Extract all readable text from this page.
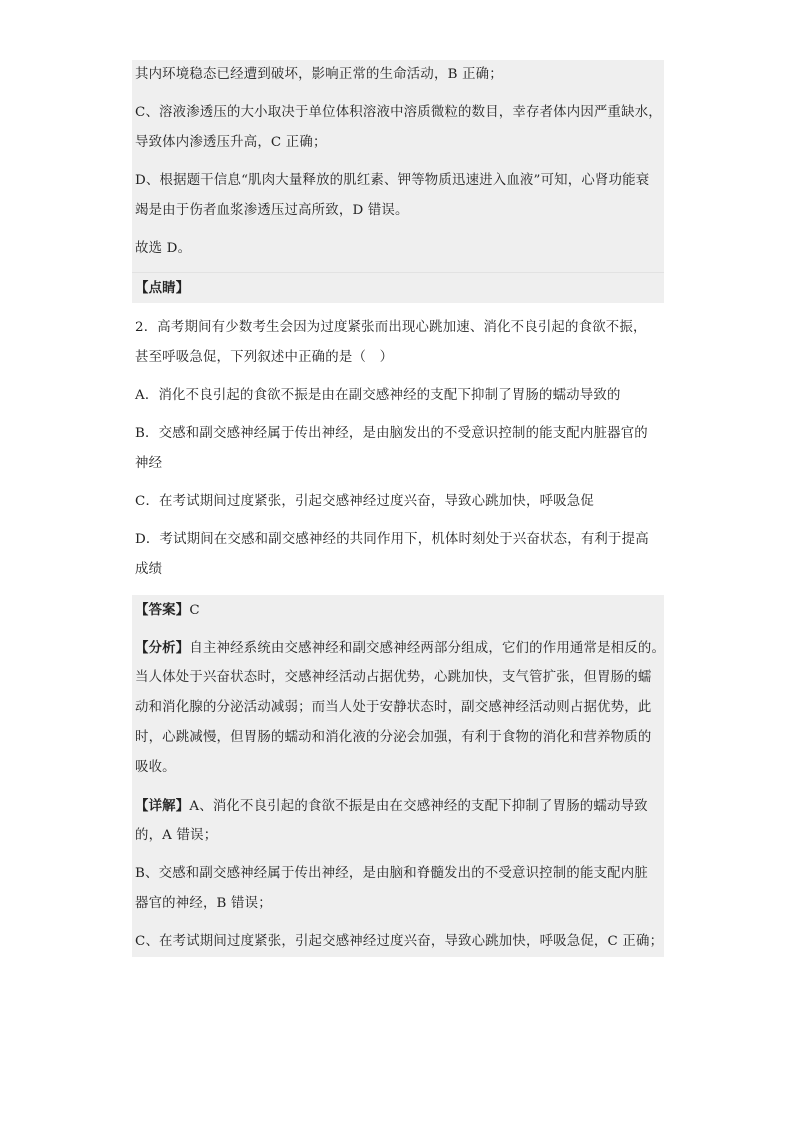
其内环境稳态已经遭到破坏，影响正常的生命活动，B 正确；
C、溶液渗透压的大小取决于单位体积溶液中溶质微粒的数目，幸存者体内因严重缺水，
导致体内渗透压升高，C 正确；
D、根据题干信息“肌肉大量释放的肌红素、钾等物质迅速进入血液”可知，心肾功能衰
竭是由于伤者血浆渗透压过高所致，D 错误。
故选 D。
【点睛】
2．高考期间有少数考生会因为过度紧张而出现心跳加速、消化不良引起的食欲不振，
甚至呼吸急促，下列叙述中正确的是（　）
A．消化不良引起的食欲不振是由在副交感神经的支配下抑制了胃肠的蠕动导致的
B．交感和副交感神经属于传出神经，是由脑发出的不受意识控制的能支配内脏器官的
神经
C．在考试期间过度紧张，引起交感神经过度兴奋，导致心跳加快，呼吸急促
D．考试期间在交感和副交感神经的共同作用下，机体时刻处于兴奋状态，有利于提高
成绩
【答案】C
【分析】自主神经系统由交感神经和副交感神经两部分组成，它们的作用通常是相反的。
当人体处于兴奋状态时，交感神经活动占据优势，心跳加快，支气管扩张，但胃肠的蠕
动和消化腺的分泌活动减弱；而当人处于安静状态时，副交感神经活动则占据优势，此
时，心跳减慢，但胃肠的蠕动和消化液的分泌会加强，有利于食物的消化和营养物质的
吸收。
【详解】A、消化不良引起的食欲不振是由在交感神经的支配下抑制了胃肠的蠕动导致
的，A 错误；
B、交感和副交感神经属于传出神经，是由脑和脊髓发出的不受意识控制的能支配内脏
器官的神经，B 错误；
C、在考试期间过度紧张，引起交感神经过度兴奋，导致心跳加快，呼吸急促，C 正确；
